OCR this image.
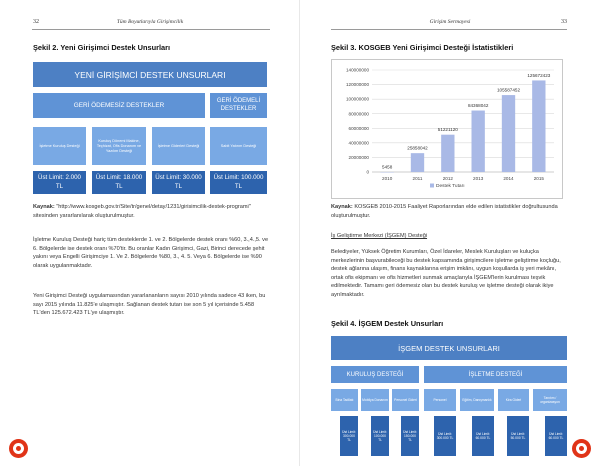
32	Tüm Boyutlarıyla Girişimcilik
Şekil 2. Yeni Girişimci Destek Unsurları
YENİ GİRİŞİMCİ DESTEK UNSURLARI
GERİ ÖDEMESİZ DESTEKLER
GERİ ÖDEMELİ DESTEKLER
İşletme Kuruluş Desteği
Kuruluş Dönemi Makine, Teçhizat, Ofis Donanım ve Yazılım Desteği
İşletme Giderleri Desteği	Sabit Yatırım Desteği
Üst Limit: 2.000 TL
Üst Limit: 18.000 TL
Üst Limit: 30.000 TL
Üst Limit: 100.000 TL

Kaynak: "http://www.kosgeb.gov.tr/Site/tr/genel/detay/1231/girisimcilik-destek-programi" sitesinden yararlanılarak oluşturulmuştur.

İşletme Kuruluş Desteği hariç tüm desteklerde 1. ve 2. Bölgelerde destek oranı %60, 3.,4.,5. ve 6. Bölgelerde ise destek oranı %70'tir. Bu oranlar Kadın Girişimci, Gazi, Birinci derecede şehit yakını veya Engelli Girişimciye 1. Ve 2. Bölgelerde %80, 3., 4. 5. Veya 6. Bölgelerde ise %90 olarak uygulanmaktadır.

Yeni Girişimci Desteği uygulamasından yararlananların sayısı 2010 yılında sadece 43 iken, bu sayı 2015 yılında 11.825'e ulaşmıştır. Sağlanan destek tutarı ise son 5 yıl içerisinde 5.458 TL'den 125.672.423 TL'ye ulaşmıştır.

Girişim Sermayesi	33
Şekil 3. KOSGEB Yeni Girişimci Desteği İstatistikleri
0
20000000
40000000
60000000
80000000
100000000
120000000
140000000
5458
2010
25858042
2011
51221120
2012
84368042
2013
105587452
2014
125672423
2015
Destek Tutarı

Kaynak: KOSGEB 2010-2015 Faaliyet Raporlarından elde edilen istatistikler doğrultusunda oluşturulmuştur.

İş Geliştirme Merkezi (İŞGEM) Desteği

Belediyeler, Yüksek Öğretim Kurumları, Özel İdareler, Meslek Kuruluşları ve kuluçka merkezlerinin başvurabileceği bu destek kapsamında girişimcilere işletme geliştirme koçluğu, destek ağlarına ulaşım, finans kaynaklarına erişim imkânı, uygun koşullarda iş yeri mekânı, ortak ofis ekipmanı ve ofis hizmetleri sunmak amaçlarıyla İŞGEM'lerin kurulması teşvik edilmektedir. Tamamı geri ödemesiz olan bu destek kuruluş ve işletme desteği olarak ikiye ayrılmaktadır.

Şekil 4. İŞGEM Destek Unsurları
İŞGEM DESTEK UNSURLARI
KURULUŞ DESTEĞİ	İŞLETME DESTEĞİ
Bina Tadilatı	Mobilya Donanım	Personel Gideri	Personel	Eğitim, Danışmanlık	Kira Gideri
Tanıtım / organizasyon
Üst Limit: 300.000 TL
Üst Limit: 100.000 TL
Üst Limit: 150.000 TL
Üst Limit: 300.000 TL
Üst Limit: 60.000 TL
Üst Limit: 50.000 TL
Üst Limit: 60.000 TL
